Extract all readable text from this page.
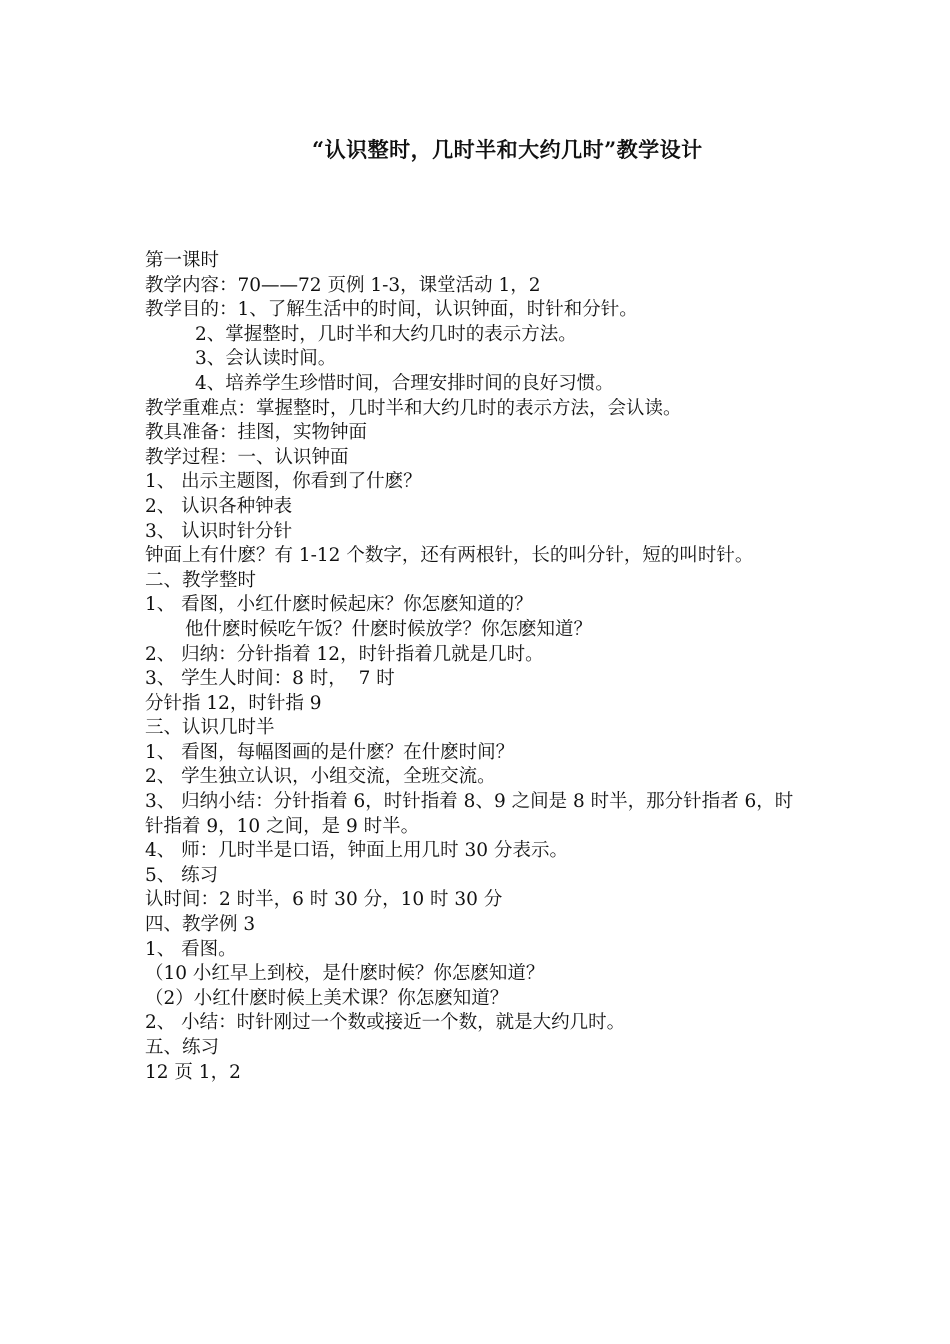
“认识整时，几时半和大约几时”教学设计
第一课时
教学内容：70——72 页例 1-3，课堂活动 1，2
教学目的：1、了解生活中的时间，认识钟面，时针和分针。
2、掌握整时，几时半和大约几时的表示方法。
3、会认读时间。
4、培养学生珍惜时间，合理安排时间的良好习惯。
教学重难点：掌握整时，几时半和大约几时的表示方法，会认读。
教具准备：挂图，实物钟面
教学过程：一、认识钟面
1、 出示主题图，你看到了什麽？
2、 认识各种钟表
3、 认识时针分针
钟面上有什麽？有 1-12 个数字，还有两根针，长的叫分针，短的叫时针。
二、教学整时
1、 看图，小红什麽时候起床？你怎麽知道的？
他什麽时候吃午饭？什麽时候放学？你怎麽知道？
2、 归纳：分针指着 12，时针指着几就是几时。
3、 学生人时间：8 时，  7 时
分针指 12，时针指 9
三、认识几时半
1、 看图，每幅图画的是什麽？在什麽时间？
2、 学生独立认识，小组交流，全班交流。
3、 归纳小结：分针指着 6，时针指着 8、9 之间是 8 时半，那分针指者 6，时针指着 9，10 之间，是 9 时半。
4、 师：几时半是口语，钟面上用几时 30 分表示。
5、 练习
认时间：2 时半，6 时 30 分，10 时 30 分
四、教学例 3
1、 看图。
（10 小红早上到校，是什麽时候？你怎麽知道？
（2）小红什麽时候上美术课？你怎麽知道？
2、 小结：时针刚过一个数或接近一个数，就是大约几时。
五、练习
12 页 1，2
